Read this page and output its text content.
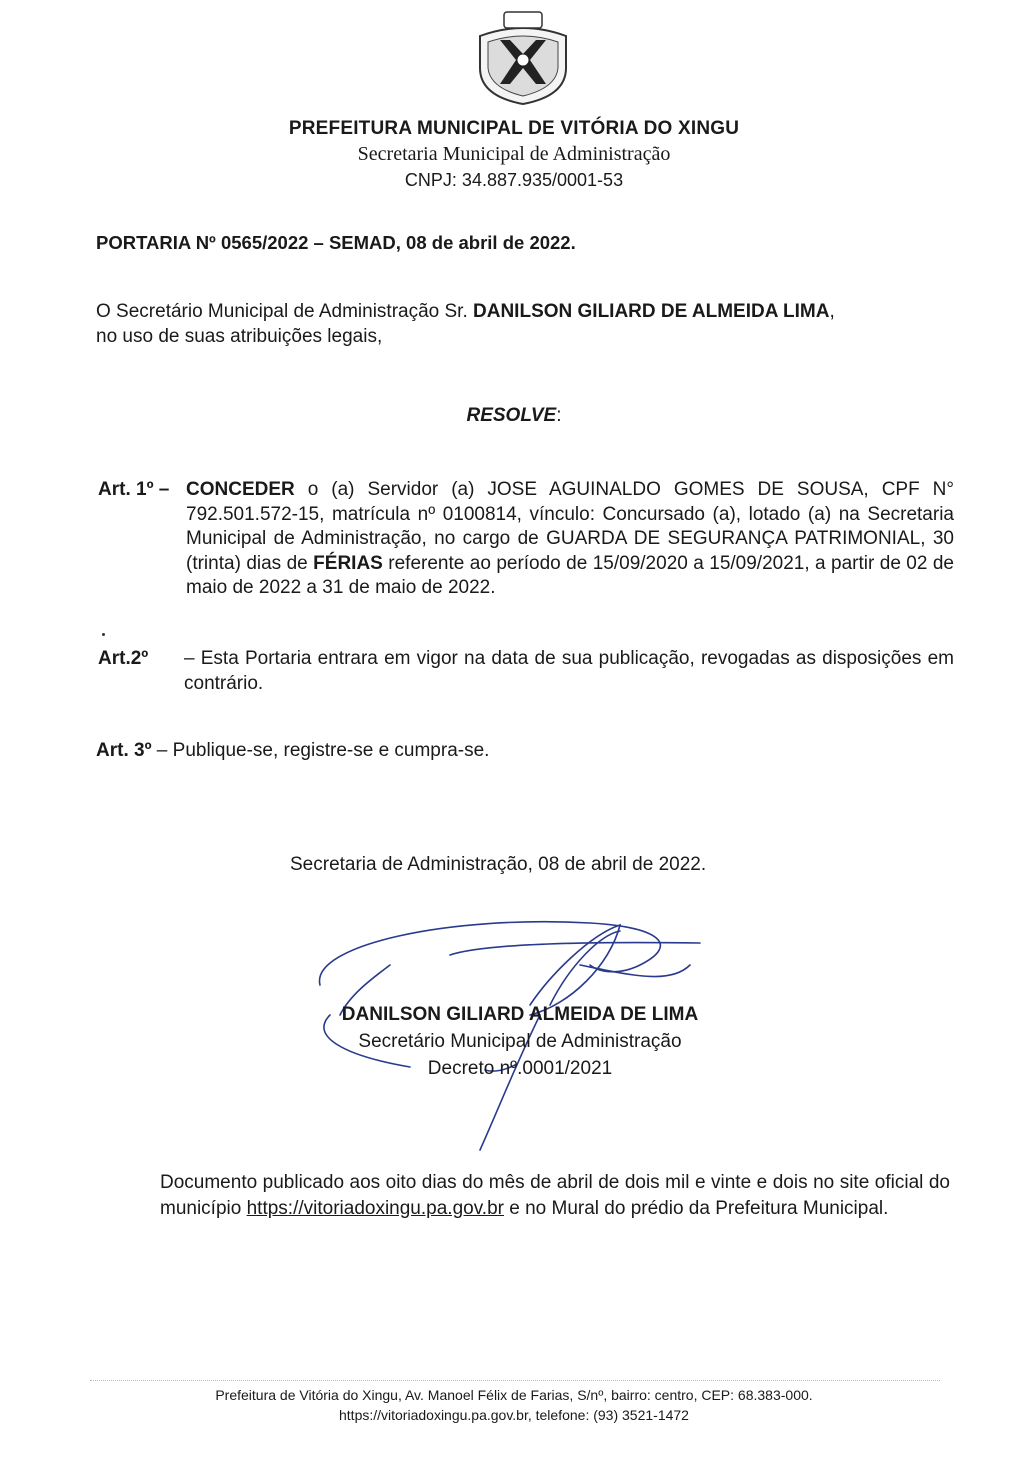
PREFEITURA MUNICIPAL DE VITÓRIA DO XINGU
Secretaria Municipal de Administração
CNPJ: 34.887.935/0001-53
PORTARIA Nº 0565/2022 – SEMAD, 08 de abril de 2022.
O Secretário Municipal de Administração Sr. DANILSON GILIARD DE ALMEIDA LIMA,
no uso de suas atribuições legais,
RESOLVE:
Art. 1º – CONCEDER o (a) Servidor (a) JOSE AGUINALDO GOMES DE SOUSA, CPF N° 792.501.572-15, matrícula nº 0100814, vínculo: Concursado (a), lotado (a) na Secretaria Municipal de Administração, no cargo de GUARDA DE SEGURANÇA PATRIMONIAL, 30 (trinta) dias de FÉRIAS referente ao período de 15/09/2020 a 15/09/2021, a partir de 02 de maio de 2022 a 31 de maio de 2022.
Art.2º	– Esta Portaria entrara em vigor na data de sua publicação, revogadas as disposições em contrário.
Art. 3º – Publique-se, registre-se e cumpra-se.
Secretaria de Administração, 08 de abril de 2022.
DANILSON GILIARD ALMEIDA DE LIMA
Secretário Municipal de Administração
Decreto nº.0001/2021
Documento publicado aos oito dias do mês de abril de dois mil e vinte e dois no site oficial do município https://vitoriadoxingu.pa.gov.br e no Mural do prédio da Prefeitura Municipal.
Prefeitura de Vitória do Xingu, Av. Manoel Félix de Farias, S/nº, bairro: centro, CEP: 68.383-000.
https://vitoriadoxingu.pa.gov.br, telefone: (93) 3521-1472
